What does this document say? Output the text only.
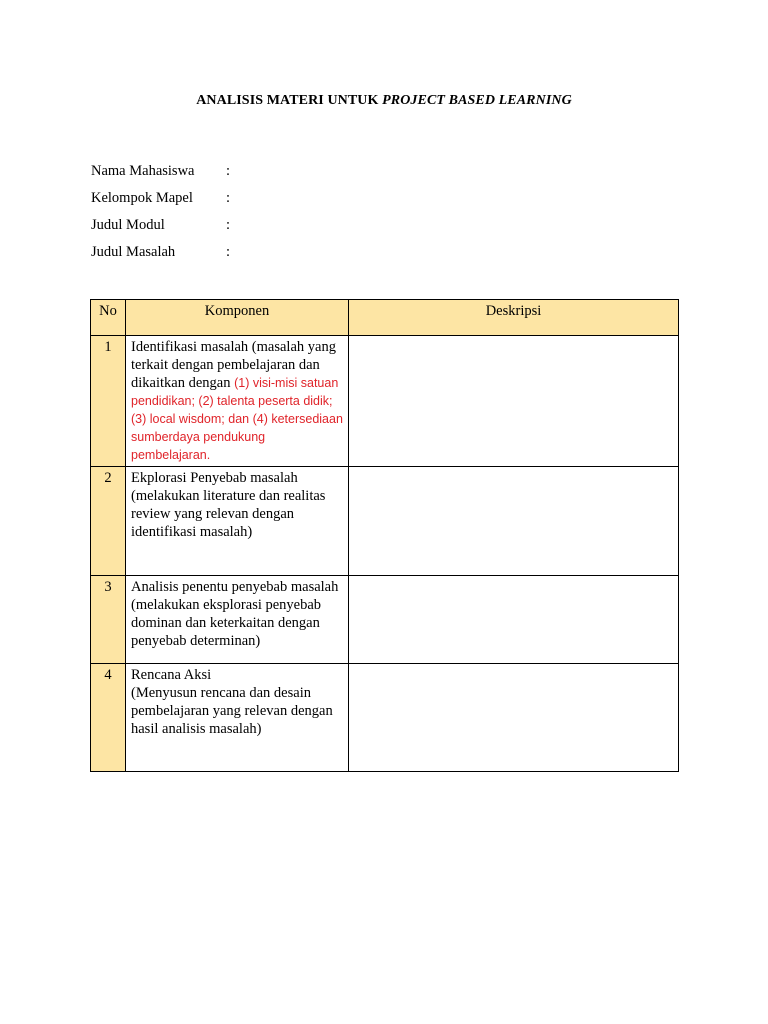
ANALISIS MATERI UNTUK PROJECT BASED LEARNING
Nama Mahasiswa :
Kelompok Mapel :
Judul Modul	:
Judul Masalah	:
No	Komponen	Deskripsi
1	Identifikasi masalah (masalah yang terkait dengan pembelajaran dan dikaitkan dengan (1) visi-misi satuan pendidikan; (2) talenta peserta didik; (3) local wisdom; dan (4) ketersediaan sumberdaya pendukung pembelajaran.	
2	Ekplorasi Penyebab masalah (melakukan literature dan realitas review yang relevan dengan identifikasi masalah)	
3	Analisis penentu penyebab masalah (melakukan eksplorasi penyebab dominan dan keterkaitan dengan penyebab determinan)	
4	Rencana Aksi
(Menyusun rencana dan desain pembelajaran yang relevan dengan hasil analisis masalah)	
